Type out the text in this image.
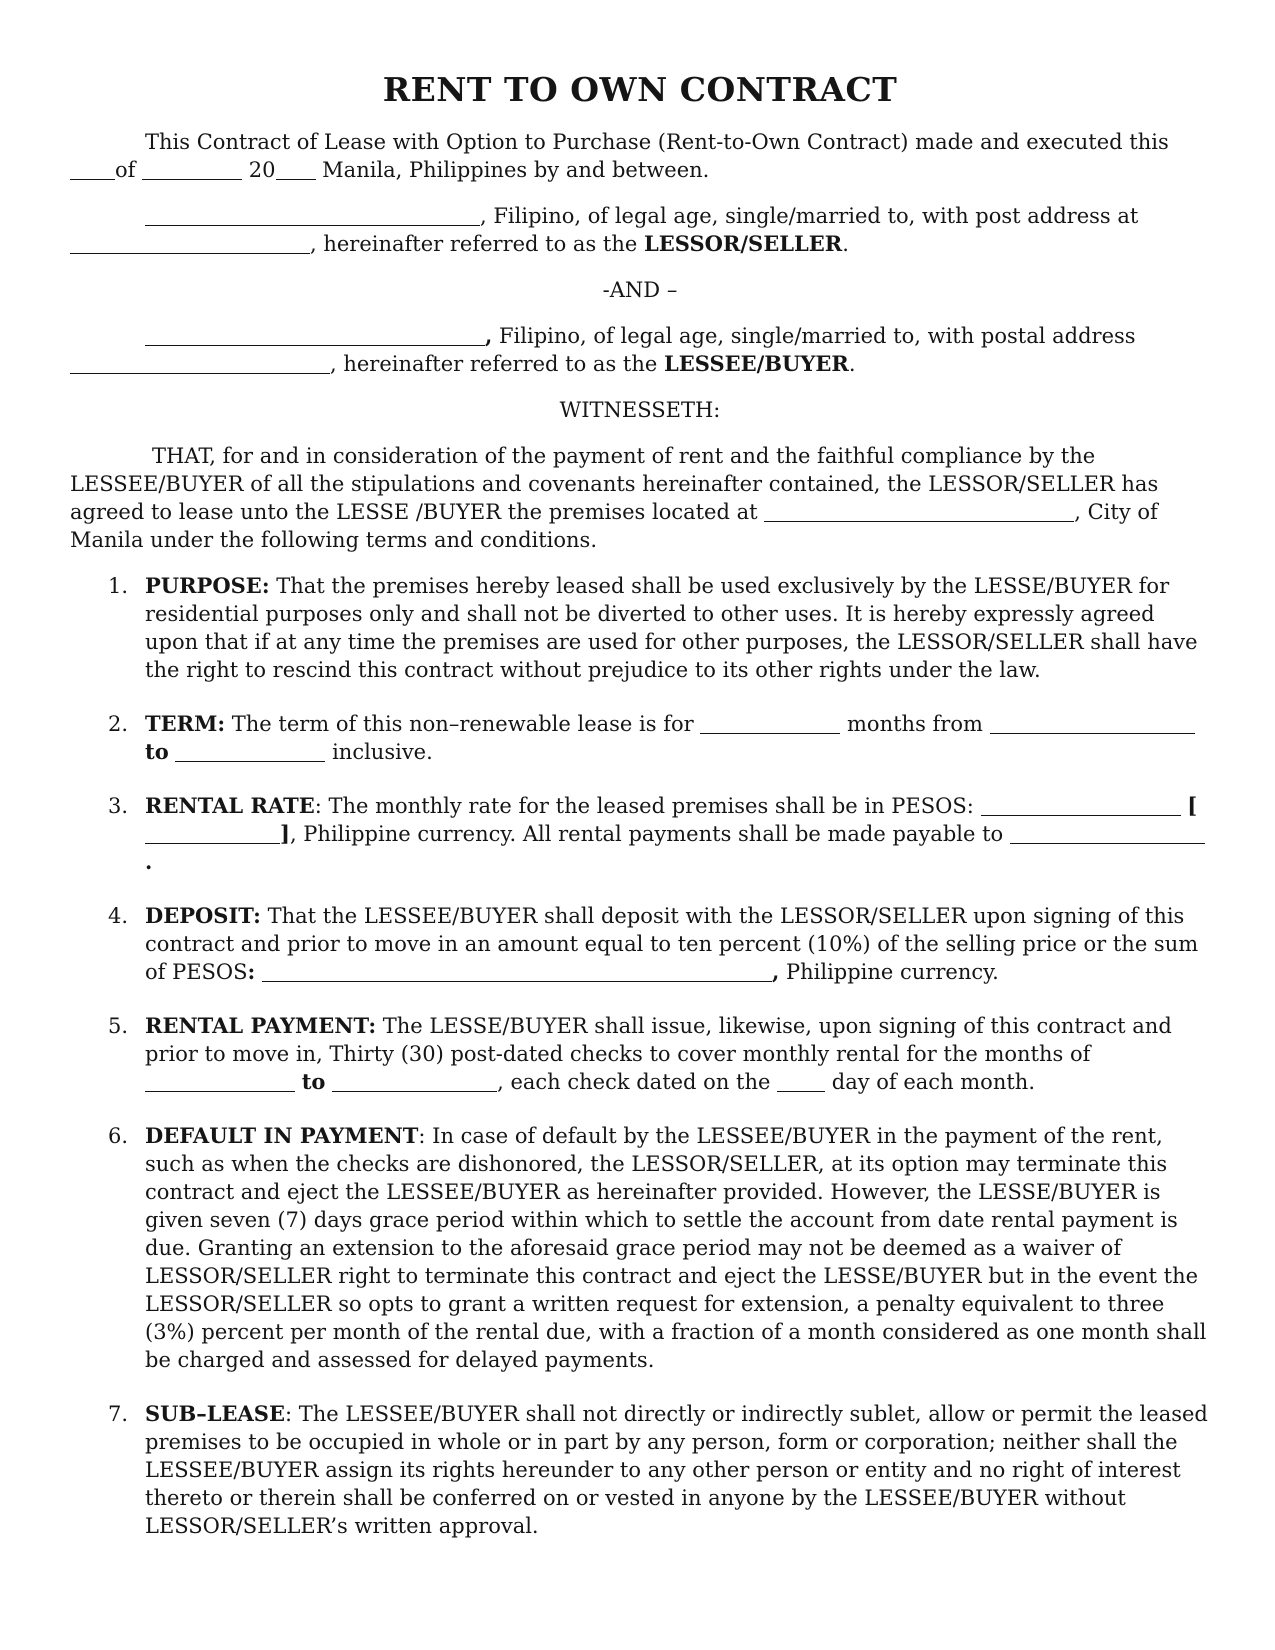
RENT TO OWN CONTRACT

This Contract of Lease with Option to Purchase (Rent-to-Own Contract) made and executed this of	20 Manila, Philippines by and between.

, Filipino, of legal age, single/married to, with post address at , hereinafter referred to as the LESSOR/SELLER.

-AND –

, Filipino, of legal age, single/married to, with postal address , hereinafter referred to as the LESSEE/BUYER.

WITNESSETH:

THAT, for and in consideration of the payment of rent and the faithful compliance by the LESSEE/BUYER of all the stipulations and covenants hereinafter contained, the LESSOR/SELLER has agreed to lease unto the LESSE /BUYER the premises located at	, City of Manila under the following terms and conditions.

1. PURPOSE: That the premises hereby leased shall be used exclusively by the LESSE/BUYER for residential purposes only and shall not be diverted to other uses. It is hereby expressly agreed upon that if at any time the premises are used for other purposes, the LESSOR/SELLER shall have the right to rescind this contract without prejudice to its other rights under the law.
2. TERM: The term of this non–renewable lease is for	months from  to	inclusive.
3. RENTAL RATE: The monthly rate for the leased premises shall be in PESOS:	[], Philippine currency. All rental payments shall be made payable to .
4. DEPOSIT: That the LESSEE/BUYER shall deposit with the LESSOR/SELLER upon signing of this contract and prior to move in an amount equal to ten percent (10%) of the selling price or the sum of PESOS:	, Philippine currency.
5. RENTAL PAYMENT: The LESSE/BUYER shall issue, likewise, upon signing of this contract and prior to move in, Thirty (30) post-dated checks to cover monthly rental for the months of  to	, each check dated on the  day of each month.
6. DEFAULT IN PAYMENT: In case of default by the LESSEE/BUYER in the payment of the rent, such as when the checks are dishonored, the LESSOR/SELLER, at its option may terminate this contract and eject the LESSEE/BUYER as hereinafter provided. However, the LESSE/BUYER is given seven (7) days grace period within which to settle the account from date rental payment is due. Granting an extension to the aforesaid grace period may not be deemed as a waiver of LESSOR/SELLER right to terminate this contract and eject the LESSE/BUYER but in the event the LESSOR/SELLER so opts to grant a written request for extension, a penalty equivalent to three (3%) percent per month of the rental due, with a fraction of a month considered as one month shall be charged and assessed for delayed payments.
7. SUB–LEASE: The LESSEE/BUYER shall not directly or indirectly sublet, allow or permit the leased premises to be occupied in whole or in part by any person, form or corporation; neither shall the LESSEE/BUYER assign its rights hereunder to any other person or entity and no right of interest thereto or therein shall be conferred on or vested in anyone by the LESSEE/BUYER without LESSOR/SELLER’s written approval.
